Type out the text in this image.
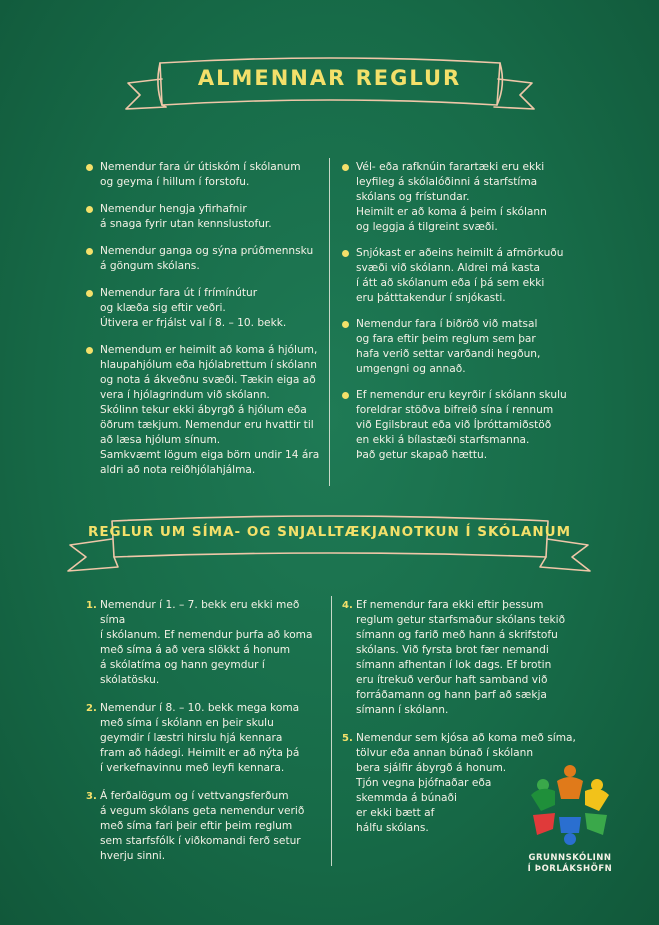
ALMENNAR REGLUR
Nemendur fara úr útiskóm í skólanum
og geyma í hillum í forstofu.
Nemendur hengja yfirhafnir
á snaga fyrir utan kennslustofur.
Nemendur ganga og sýna prúðmennsku
á göngum skólans.
Nemendur fara út í frímínútur
og klæða sig eftir veðri.
Útivera er frjálst val í 8. – 10. bekk.
Nemendum er heimilt að koma á hjólum,
hlaupahjólum eða hjólabrettum í skólann
og nota á ákveðnu svæði. Tækin eiga að
vera í hjólagrindum við skólann.
Skólinn tekur ekki ábyrgð á hjólum eða
öðrum tækjum. Nemendur eru hvattir til
að læsa hjólum sínum.
Samkvæmt lögum eiga börn undir 14 ára
aldri að nota reiðhjólahjálma.
Vél- eða rafknúin farartæki eru ekki
leyfileg á skólalóðinni á starfstíma
skólans og frístundar.
Heimilt er að koma á þeim í skólann
og leggja á tilgreint svæði.
Snjókast er aðeins heimilt á afmörkuðu
svæði við skólann. Aldrei má kasta
í átt að skólanum eða í þá sem ekki
eru þátttakendur í snjókasti.
Nemendur fara í biðröð við matsal
og fara eftir þeim reglum sem þar
hafa verið settar varðandi hegðun,
umgengni og annað.
Ef nemendur eru keyrðir í skólann skulu
foreldrar stöðva bifreið sína í rennum
við Egilsbraut eða við Íþróttamiðstöð
en ekki á bílastæði starfsmanna.
Það getur skapað hættu.
REGLUR UM SÍMA- OG SNJALLTÆKJANOTKUN Í SKÓLANUM
1. Nemendur í 1. – 7. bekk eru ekki með síma
í skólanum. Ef nemendur þurfa að koma
með síma á að vera slökkt á honum
á skólatíma og hann geymdur í skólatösku.
2. Nemendur í 8. – 10. bekk mega koma
með síma í skólann en þeir skulu
geymdir í læstri hirslu hjá kennara
fram að hádegi. Heimilt er að nýta þá
í verkefnavinnu með leyfi kennara.
3. Á ferðalögum og í vettvangsferðum
á vegum skólans geta nemendur verið
með síma fari þeir eftir þeim reglum
sem starfsfólk í viðkomandi ferð setur
hverju sinni.
4. Ef nemendur fara ekki eftir þessum
reglum getur starfsmaður skólans tekið
símann og farið með hann á skrifstofu
skólans. Við fyrsta brot fær nemandi
símann afhentan í lok dags. Ef brotin
eru ítrekuð verður haft samband við
forráðamann og hann þarf að sækja
símann í skólann.
5. Nemendur sem kjósa að koma með síma,
tölvur eða annan búnað í skólann
bera sjálfir ábyrgð á honum.
Tjón vegna þjófnaðar eða
skemmda á búnaði
er ekki bætt af
hálfu skólans.
GRUNNSKÓLINN
Í ÞORLÁKSHÖFN
